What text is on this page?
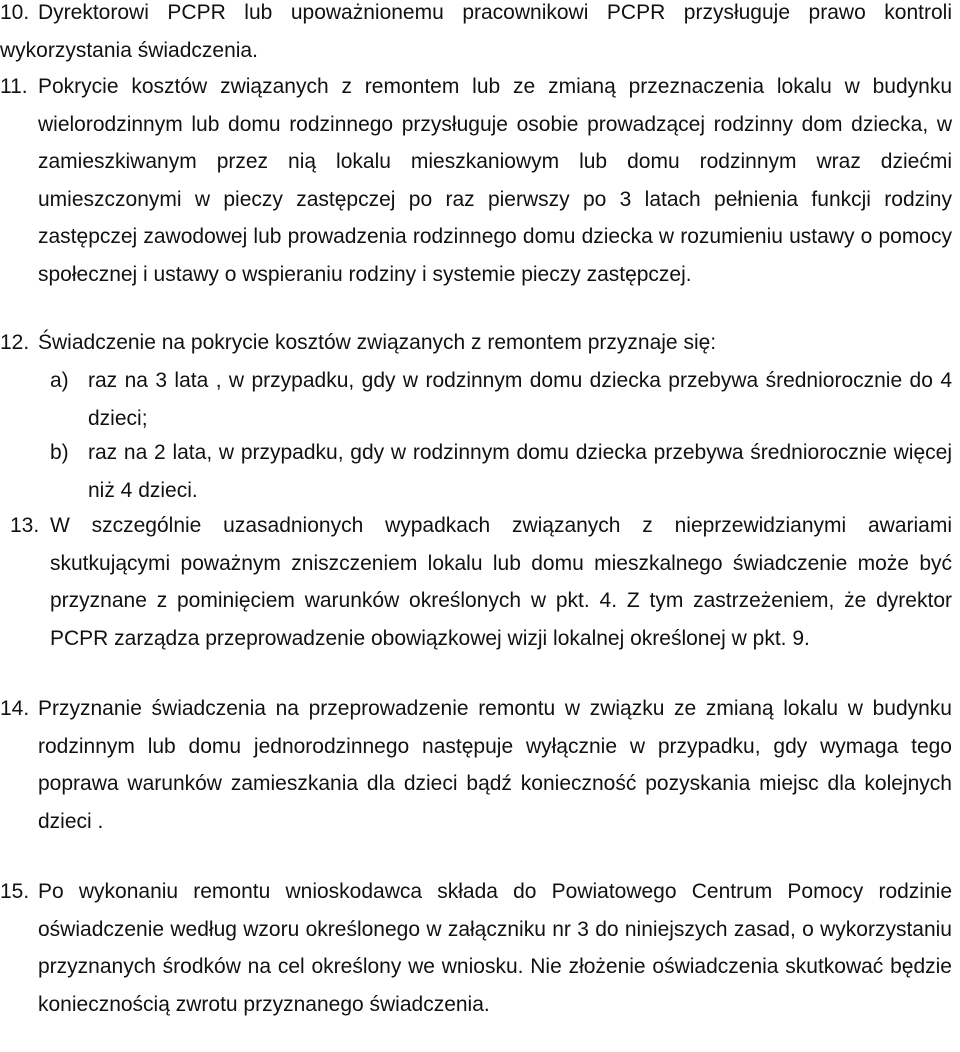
10. Dyrektorowi PCPR lub upoważnionemu pracownikowi PCPR przysługuje prawo kontroli wykorzystania świadczenia.
11. Pokrycie kosztów związanych z remontem lub ze zmianą przeznaczenia lokalu w budynku wielorodzinnym lub domu rodzinnego przysługuje osobie prowadzącej rodzinny dom dziecka, w zamieszkiwanym przez nią lokalu mieszkaniowym lub domu rodzinnym wraz dziećmi umieszczonymi w pieczy zastępczej po raz pierwszy po 3 latach pełnienia funkcji rodziny zastępczej zawodowej lub prowadzenia rodzinnego domu dziecka w rozumieniu ustawy o pomocy społecznej i ustawy o wspieraniu rodziny i systemie pieczy zastępczej.
12. Świadczenie na pokrycie kosztów związanych z remontem przyznaje się:
a) raz na 3 lata , w przypadku, gdy w rodzinnym domu dziecka przebywa średniorocznie do 4 dzieci;
b) raz na 2 lata, w przypadku, gdy w rodzinnym domu dziecka przebywa średniorocznie więcej niż 4 dzieci.
13. W szczególnie uzasadnionych wypadkach związanych z nieprzewidzianymi awariami skutkującymi poważnym zniszczeniem lokalu lub domu mieszkalnego świadczenie może być przyznane z pominięciem warunków określonych w pkt. 4. Z tym zastrzeżeniem, że dyrektor PCPR zarządza przeprowadzenie obowiązkowej wizji lokalnej określonej w pkt. 9.
14. Przyznanie świadczenia na przeprowadzenie remontu w związku ze zmianą lokalu w budynku rodzinnym lub domu jednorodzinnego następuje wyłącznie w przypadku, gdy wymaga tego poprawa warunków zamieszkania dla dzieci bądź konieczność pozyskania miejsc dla kolejnych dzieci .
15. Po wykonaniu remontu wnioskodawca składa do Powiatowego Centrum Pomocy rodzinie oświadczenie według wzoru określonego w załączniku nr 3 do niniejszych zasad, o wykorzystaniu przyznanych środków na cel określony we wniosku. Nie złożenie oświadczenia skutkować będzie koniecznością zwrotu przyznanego świadczenia.
